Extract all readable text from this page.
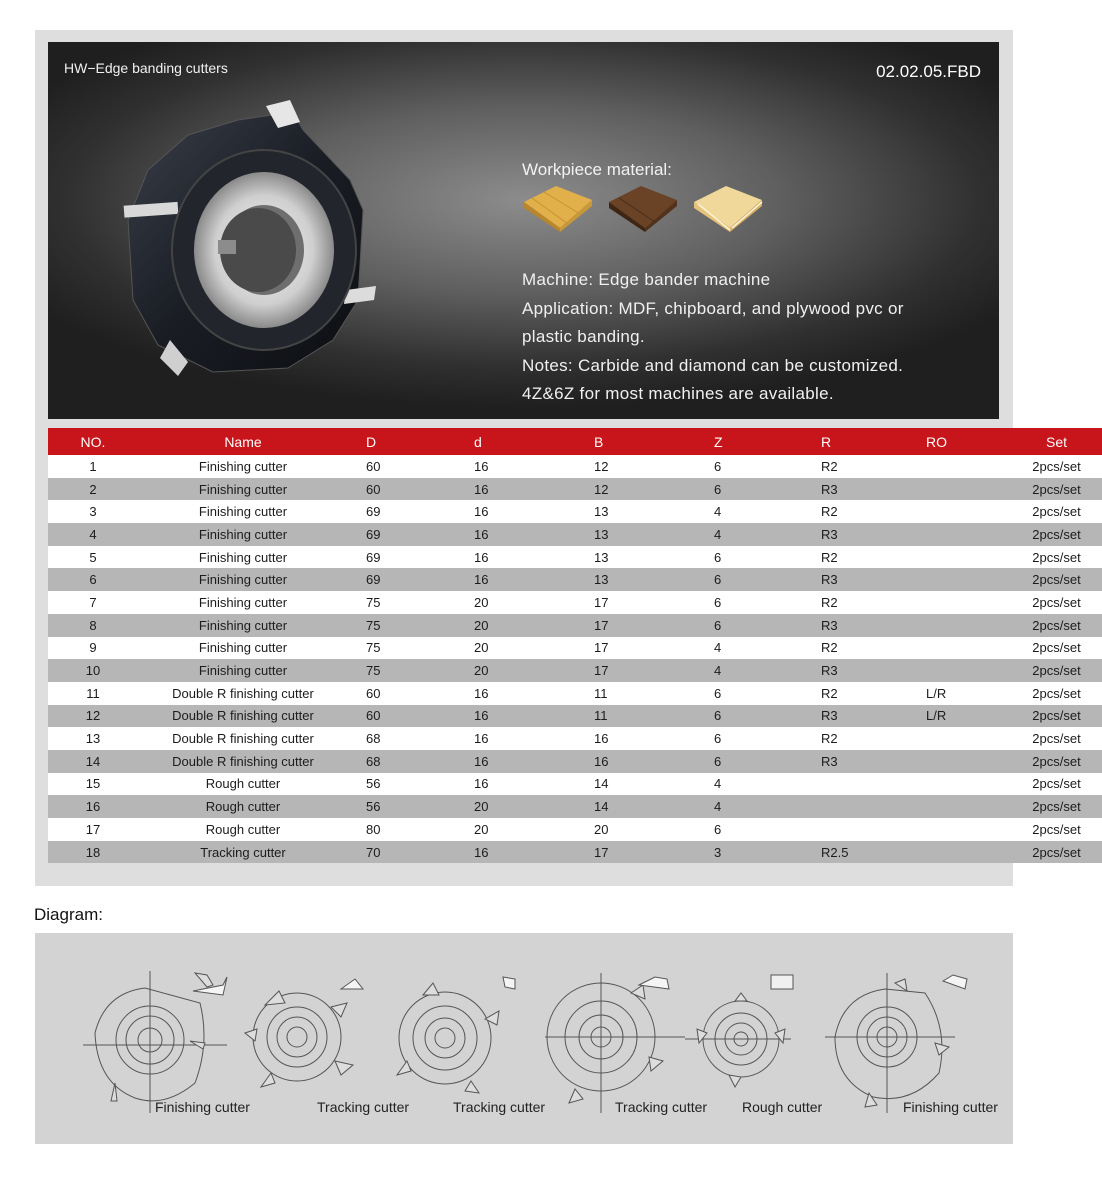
HW−Edge banding cutters	02.02.05.FBD
Workpiece material:
Machine: Edge bander machine
Application: MDF, chipboard, and plywood pvc or
plastic banding.
Notes: Carbide and diamond can be customized.
4Z&6Z for most machines are available.
NO.	Name	D	d	B	Z	R	RO	Set
1	Finishing cutter	60	16	12	6	R2		2pcs/set
2	Finishing cutter	60	16	12	6	R3		2pcs/set
3	Finishing cutter	69	16	13	4	R2		2pcs/set
4	Finishing cutter	69	16	13	4	R3		2pcs/set
5	Finishing cutter	69	16	13	6	R2		2pcs/set
6	Finishing cutter	69	16	13	6	R3		2pcs/set
7	Finishing cutter	75	20	17	6	R2		2pcs/set
8	Finishing cutter	75	20	17	6	R3		2pcs/set
9	Finishing cutter	75	20	17	4	R2		2pcs/set
10	Finishing cutter	75	20	17	4	R3		2pcs/set
11	Double R finishing cutter	60	16	11	6	R2	L/R	2pcs/set
12	Double R finishing cutter	60	16	11	6	R3	L/R	2pcs/set
13	Double R finishing cutter	68	16	16	6	R2		2pcs/set
14	Double R finishing cutter	68	16	16	6	R3		2pcs/set
15	Rough cutter	56	16	14	4			2pcs/set
16	Rough cutter	56	20	14	4			2pcs/set
17	Rough cutter	80	20	20	6			2pcs/set
18	Tracking cutter	70	16	17	3	R2.5		2pcs/set
Diagram:
Finishing cutter	Tracking cutter	Tracking cutter	Tracking cutter Rough cutter	Finishing cutter
